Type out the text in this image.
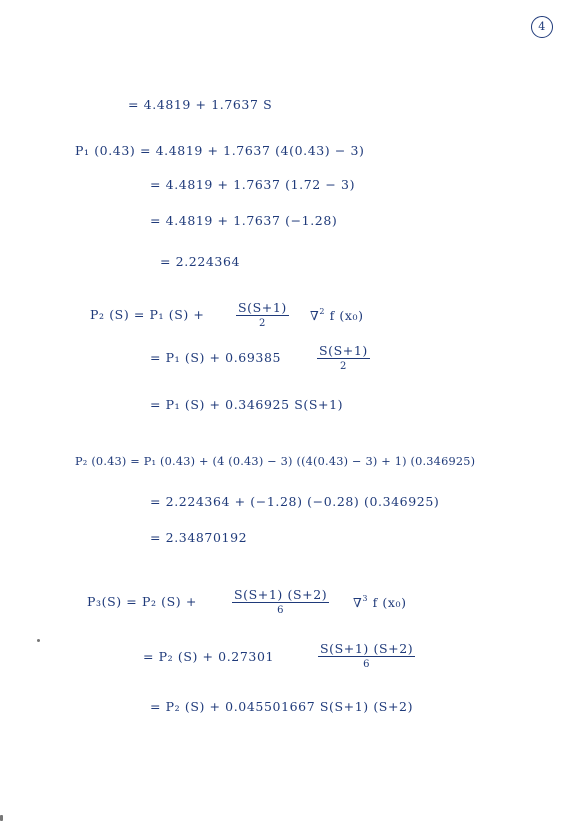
4
= 4.4819 + 1.7637 S
P₁ (0.43) = 4.4819 + 1.7637 (4(0.43) − 3)
= 4.4819 + 1.7637 (1.72 − 3)
= 4.4819 + 1.7637 (−1.28)
= 2.224364
P₂ (S) = P₁ (S) +	S(S+1)
2
∇$^2$ f (x₀)
= P₁ (S) + 0.69385	S(S+1)
2
= P₁ (S) + 0.346925 S(S+1)
P₂ (0.43) = P₁ (0.43) + (4 (0.43) − 3) ((4(0.43) − 3) + 1) (0.346925)
= 2.224364 + (−1.28) (−0.28) (0.346925)
= 2.34870192
P₃(S) = P₂ (S) +	S(S+1) (S+2)
6
∇$^3$ f (x₀)
= P₂ (S) + 0.27301
S(S+1) (S+2)
6
= P₂ (S) + 0.045501667 S(S+1) (S+2)
